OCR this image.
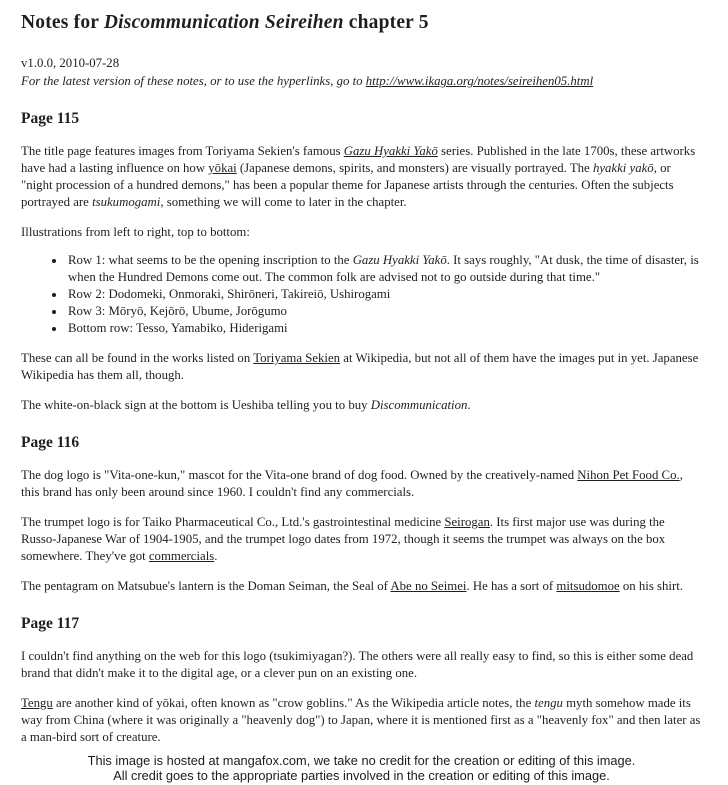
Notes for Discommunication Seireihen chapter 5

v1.0.0, 2010-07-28

For the latest version of these notes, or to use the hyperlinks, go to http://www.ikaga.org/notes/seireihen05.html

Page 115

The title page features images from Toriyama Sekien's famous Gazu Hyakki Yakō series. Published in the late 1700s, these artworks have had a lasting influence on how yōkai (Japanese demons, spirits, and monsters) are visually portrayed. The hyakki yakō, or "night procession of a hundred demons," has been a popular theme for Japanese artists through the centuries. Often the subjects portrayed are tsukumogami, something we will come to later in the chapter.

Illustrations from left to right, top to bottom:

• Row 1: what seems to be the opening inscription to the Gazu Hyakki Yakō. It says roughly, "At dusk, the time of disaster, is when the Hundred Demons come out. The common folk are advised not to go outside during that time."
• Row 2: Dodomeki, Onmoraki, Shirōneri, Takireiō, Ushirogami
• Row 3: Mōryō, Kejōrō, Ubume, Jorōgumo
• Bottom row: Tesso, Yamabiko, Hiderigami

These can all be found in the works listed on Toriyama Sekien at Wikipedia, but not all of them have the images put in yet. Japanese Wikipedia has them all, though.

The white-on-black sign at the bottom is Ueshiba telling you to buy Discommunication.

Page 116

The dog logo is "Vita-one-kun," mascot for the Vita-one brand of dog food. Owned by the creatively-named Nihon Pet Food Co., this brand has only been around since 1960. I couldn't find any commercials.

The trumpet logo is for Taiko Pharmaceutical Co., Ltd.'s gastrointestinal medicine Seirogan. Its first major use was during the Russo-Japanese War of 1904-1905, and the trumpet logo dates from 1972, though it seems the trumpet was always on the box somewhere. They've got commercials.

The pentagram on Matsubue's lantern is the Doman Seiman, the Seal of Abe no Seimei. He has a sort of mitsudomoe on his shirt.

Page 117

I couldn't find anything on the web for this logo (tsukimiyagan?). The others were all really easy to find, so this is either some dead brand that didn't make it to the digital age, or a clever pun on an existing one.

Tengu are another kind of yōkai, often known as "crow goblins." As the Wikipedia article notes, the tengu myth somehow made its way from China (where it was originally a "heavenly dog") to Japan, where it is mentioned first as a "heavenly fox" and then later as a man-bird sort of creature.

This image is hosted at mangafox.com, we take no credit for the creation or editing of this image.
All credit goes to the appropriate parties involved in the creation or editing of this image.
